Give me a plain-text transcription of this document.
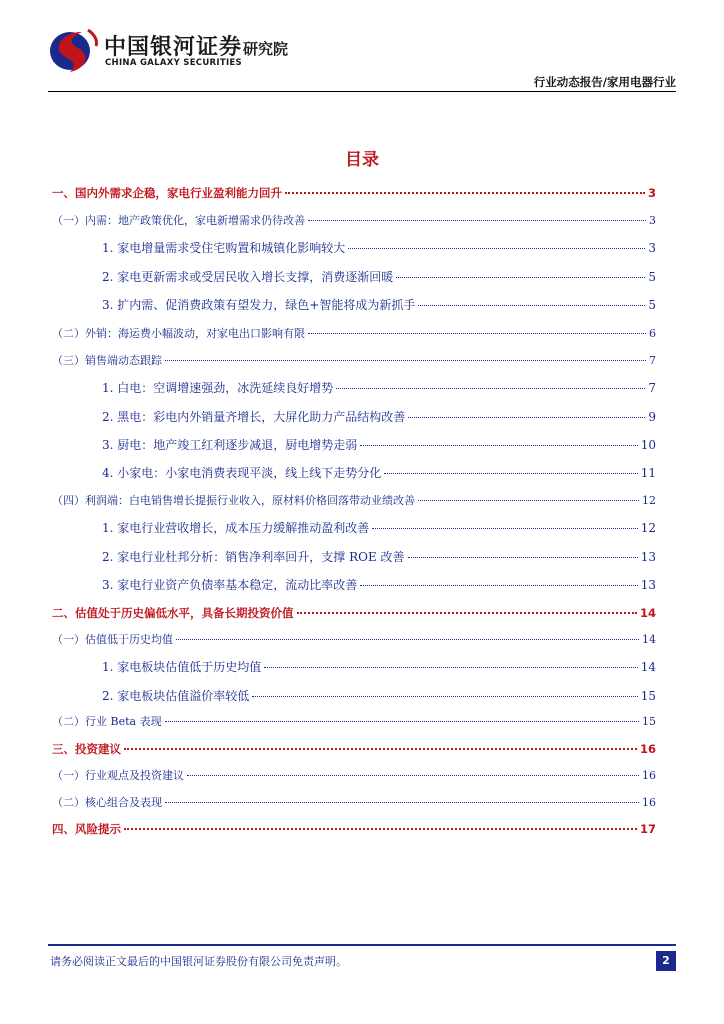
中国银河证券
CHINA GALAXY SECURITIES
研究院
行业动态报告/家用电器行业
目录
一、国内外需求企稳，家电行业盈利能力回升	3
（一）内需：地产政策优化，家电新增需求仍待改善	3
1. 家电增量需求受住宅购置和城镇化影响较大	3
2. 家电更新需求或受居民收入增长支撑，消费逐渐回暖	5
3. 扩内需、促消费政策有望发力，绿色+智能将成为新抓手	5
（二）外销：海运费小幅波动，对家电出口影响有限	6
（三）销售端动态跟踪	7
1. 白电：空调增速强劲，冰洗延续良好增势	7
2. 黑电：彩电内外销量齐增长，大屏化助力产品结构改善	9
3. 厨电：地产竣工红利逐步减退，厨电增势走弱	10
4. 小家电：小家电消费表现平淡，线上线下走势分化	11
（四）利润端：白电销售增长提振行业收入，原材料价格回落带动业绩改善	12
1. 家电行业营收增长，成本压力缓解推动盈利改善	12
2. 家电行业杜邦分析：销售净利率回升，支撑 ROE 改善	13
3. 家电行业资产负债率基本稳定，流动比率改善	13
二、估值处于历史偏低水平，具备长期投资价值	14
（一）估值低于历史均值	14
1. 家电板块估值低于历史均值	14
2. 家电板块估值溢价率较低	15
（二）行业 Beta 表现	15
三、投资建议	16
（一）行业观点及投资建议	16
（二）核心组合及表现	16
四、风险提示	17
请务必阅读正文最后的中国银河证券股份有限公司免责声明。	2
